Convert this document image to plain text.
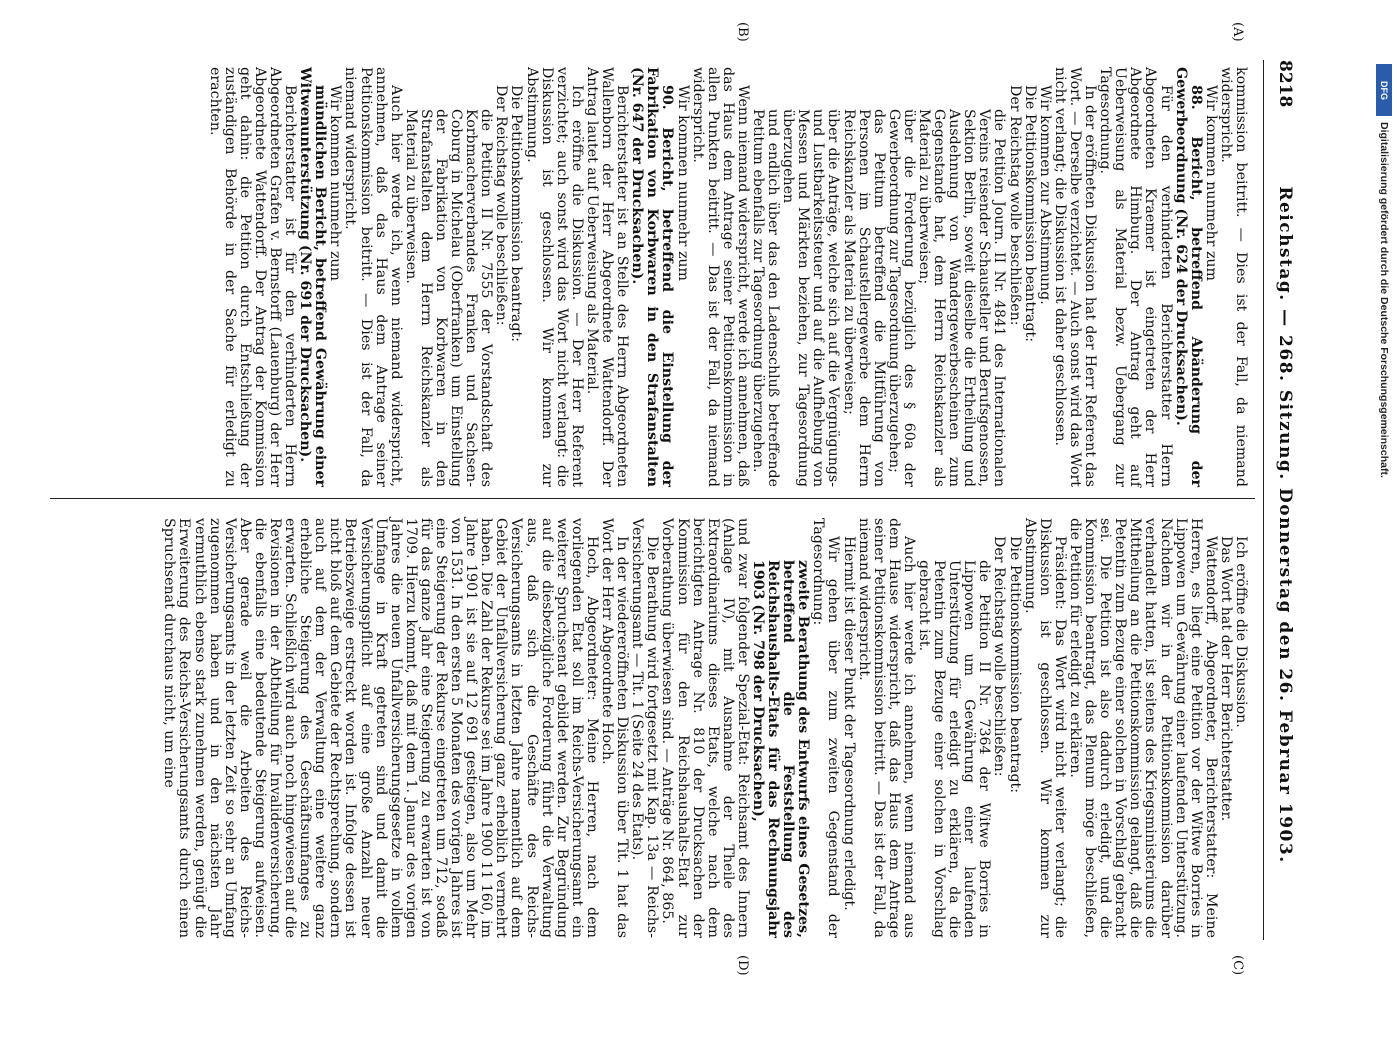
8218
Reichstag. — 268. Sitzung. Donnerstag den 26. Februar 1903.
(A)
(B)
(C)
(D)

kommission beitritt. — Dies ist der Fall, da niemand widerspricht.

Wir kommen nunmehr zum

88. Bericht, betreffend Abänderung der Gewerbeordnung (Nr. 624 der Drucksachen).

Für den verhinderten Berichterstatter Herrn Abgeordneten Kraemer ist eingetreten der Herr Abgeordnete Himburg. Der Antrag geht auf Ueberweisung als Material bezw. Uebergang zur Tagesordnung.

In der eröffneten Diskussion hat der Herr Referent das Wort. — Derselbe verzichtet. — Auch sonst wird das Wort nicht verlangt; die Diskussion ist daher geschlossen.

Wir kommen zur Abstimmung.

Die Petitionskommission beantragt:

Der Reichstag wolle beschließen:

die Petition Journ. II Nr. 4841 des Internationalen Vereins reisender Schausteller und Berufsgenossen, Sektion Berlin, soweit dieselbe die Ertheilung und Ausdehnung von Wandergewerbescheinen zum Gegenstande hat, dem Herrn Reichskanzler als Material zu überweisen;

über die Forderung bezüglich des § 60a der Gewerbeordnung zur Tagesordnung überzugehen;

das Petitum betreffend die Mitführung von Personen im Schaustellergewerbe dem Herrn Reichskanzler als Material zu überweisen;

über die Anträge, welche sich auf die Vergnügungs- und Lustbarkeitssteuer und auf die Aufhebung von Messen und Märkten beziehen, zur Tagesordnung überzugehen

und endlich über das den Ladenschluß betreffende Petitum ebenfalls zur Tagesordnung überzugehen.

Wenn niemand widerspricht, werde ich annehmen, daß das Haus dem Antrage seiner Petitionskommission in allen Punkten beitritt. — Das ist der Fall, da niemand widerspricht.

Wir kommen nunmehr zum

90. Bericht, betreffend die Einstellung der Fabrikation von Korbwaren in den Strafanstalten (Nr. 647 der Drucksachen).

Berichterstatter ist an Stelle des Herrn Abgeordneten Wallenborn der Herr Abgeordnete Wattendorff. Der Antrag lautet auf Ueberweisung als Material.

Ich eröffne die Diskussion. — Der Herr Referent verzichtet; auch sonst wird das Wort nicht verlangt: die Diskussion ist geschlossen. Wir kommen zur Abstimmung.

Die Petitionskommission beantragt:

Der Reichstag wolle beschließen:

die Petition II Nr. 7555 der Vorstandschaft des Korbmacherverbandes Franken und Sachsen-Coburg in Michelau (Oberfranken) um Einstellung der Fabrikation von Korbwaren in den Strafanstalten dem Herrn Reichskanzler als Material zu überweisen.

Auch hier werde ich, wenn niemand widerspricht, annehmen, daß das Haus dem Antrage seiner Petitionskommission beitritt. — Dies ist der Fall, da niemand widerspricht.

Wir kommen nunmehr zum

mündlichen Bericht, betreffend Gewährung einer Witwenunterstützung (Nr. 691 der Drucksachen).

Berichterstatter ist für den verhinderten Herrn Abgeordneten Grafen v. Bernstorff (Lauenburg) der Herr Abgeordnete Wattendorff. Der Antrag der Kommission geht dahin: die Petition durch Entschließung der zuständigen Behörde in der Sache für erledigt zu erachten.

Ich eröffne die Diskussion.

Das Wort hat der Herr Berichterstatter.

Wattendorff, Abgeordneter, Berichterstatter: Meine Herren, es liegt eine Petition vor der Witwe Borries in Lippowen um Gewährung einer laufenden Unterstützung. Nachdem wir in der Petitionskommission darüber verhandelt hatten, ist seitens des Kriegsministeriums die Mittheilung an die Petitionskommission gelangt, daß die Petentin zum Bezuge einer solchen in Vorschlag gebracht sei. Die Petition ist also dadurch erledigt, und die Kommission beantragt, das Plenum möge beschließen, die Petition für erledigt zu erklären.

Präsident: Das Wort wird nicht weiter verlangt; die Diskussion ist geschlossen. Wir kommen zur Abstimmung.

Die Petitionskommission beantragt:

Der Reichstag wolle beschließen:

die Petition II Nr. 7364 der Witwe Borries in Lippowen um Gewährung einer laufenden Unterstützung für erledigt zu erklären, da die Petentin zum Bezuge einer solchen in Vorschlag gebracht ist.

Auch hier werde ich annehmen, wenn niemand aus dem Hause widerspricht, daß das Haus dem Antrage seiner Petitionskommission beitritt. — Das ist der Fall, da niemand widerspricht.

Hiermit ist dieser Punkt der Tagesordnung erledigt.

Wir gehen über zum zweiten Gegenstand der Tagesordnung:

zweite Berathung des Entwurfs eines Gesetzes, betreffend die Feststellung des Reichshaushalts-Etats für das Rechnungsjahr 1903 (Nr. 798 der Drucksachen),

und zwar folgender Spezial-Etat: Reichsamt des Innern (Anlage IV), mit Ausnahme der Theile des Extraordinariums dieses Etats, welche nach dem berichtigten Antrage Nr. 810 der Drucksachen der Kommission für den Reichshaushalts-Etat zur Vorberathung überwiesen sind. — Anträge Nr. 864, 865.

Die Berathung wird fortgesetzt mit Kap. 13a — Reichs-Versicherungsamt — Tit. 1 (Seite 24 des Etats).

In der wiedereröffneten Diskussion über Tit. 1 hat das Wort der Herr Abgeordnete Hoch.

Hoch, Abgeordneter: Meine Herren, nach dem vorliegenden Etat soll im Reichs-Versicherungsamt ein weiterer Spruchsenat gebildet werden. Zur Begründung auf die diesbezügliche Forderung führt die Verwaltung aus, daß sich die Geschäfte des Reichs-Versicherungsamts in letzten Jahre namentlich auf dem Gebiet der Unfallversicherung ganz erheblich vermehrt haben. Die Zahl der Rekurse sei im Jahre 1900 11 160, im Jahre 1901 ist sie auf 12 691 gestiegen, also um Mehr von 1531. In den ersten 5 Monaten des vorigen Jahres ist eine Steigerung der Rekurse eingetreten um 712, sodaß für das ganze Jahr eine Steigerung zu erwarten ist von 1709. Hierzu kommt, daß mit dem 1. Januar des vorigen Jahres die neuen Unfallversicherungsgesetze in vollem Umfange in Kraft getreten sind und damit die Versicherungspflicht auf eine große Anzahl neuer Betriebszweige erstreckt worden ist. Infolge dessen ist nicht bloß auf dem Gebiete der Rechtsprechung, sondern auch auf dem der Verwaltung eine weitere ganz erhebliche Steigerung des Geschäftsumfanges zu erwarten. Schließlich wird auch noch hingewiesen auf die Revisionen in der Abtheilung für Invalidenversicherung, die ebenfalls eine bedeutende Steigerung aufweisen. Aber gerade weil die Arbeiten des Reichs-Versicherungsamts in der letzten Zeit so sehr an Umfang zugenommen haben und in den nächsten Jahr vermuthlich ebenso stark zunehmen werden, genügt die Erweiterung des Reichs-Versicherungsamts durch einen Spruchsenat durchaus nicht, um eine

DFG
Digitalisierung gefördert durch die Deutsche Forschungsgemeinschaft.
